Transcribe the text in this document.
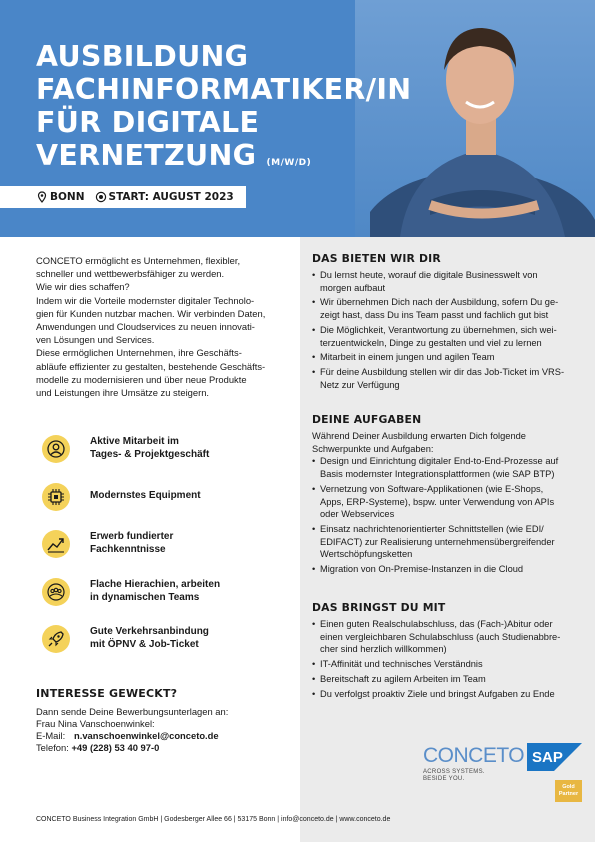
AUSBILDUNG
FACHINFORMATIKER/IN
FÜR DIGITALE
VERNETZUNG (M/W/D)
BONN START: AUGUST 2023

CONCETO ermöglicht es Unternehmen, flexibler,

schneller und wettbewerbsfähiger zu werden.

Wie wir dies schaffen?

Indem wir die Vorteile modernster digitaler Technolo-

gien für Kunden nutzbar machen. Wir verbinden Daten,

Anwendungen und Cloudservices zu neuen innovati-

ven Lösungen und Services.

Diese ermöglichen Unternehmen, ihre Geschäfts-

abläufe effizienter zu gestalten, bestehende Geschäfts-

modelle zu modernisieren und über neue Produkte

und Leistungen ihre Umsätze zu steigern.

Aktive Mitarbeit im
Tages- & Projektgeschäft
Modernstes Equipment
Erwerb fundierter
Fachkenntnisse
Flache Hierachien, arbeiten
in dynamischen Teams
Gute Verkehrsanbindung
mit ÖPNV & Job-Ticket
INTERESSE GEWECKT?
Dann sende Deine Bewerbungsunterlagen an:
Frau Nina Vanschoenwinkel:
E-Mail: n.vanschoenwinkel@conceto.de
Telefon: +49 (228) 53 40 97-0
DAS BIETEN WIR DIR
• Du lernst heute, worauf die digitale Businesswelt von
morgen aufbaut
• Wir übernehmen Dich nach der Ausbildung, sofern Du ge-
zeigt hast, dass Du ins Team passt und fachlich gut bist
• Die Möglichkeit, Verantwortung zu übernehmen, sich wei-
terzuentwickeln, Dinge zu gestalten und viel zu lernen
• Mitarbeit in einem jungen und agilen Team
• Für deine Ausbildung stellen wir dir das Job-Ticket im VRS-
Netz zur Verfügung
DEINE AUFGABEN
Während Deiner Ausbildung erwarten Dich folgende
Schwerpunkte und Aufgaben:
• Design und Einrichtung digitaler End-to-End-Prozesse auf
Basis modernster Integrationsplattformen (wie SAP BTP)
• Vernetzung von Software-Applikationen (wie E-Shops,
Apps, ERP-Systeme), bspw. unter Verwendung von APIs
oder Webservices
• Einsatz nachrichtenorientierter Schnittstellen (wie EDI/
EDIFACT) zur Realisierung unternehmensübergreifender
Wertschöpfungsketten
• Migration von On-Premise-Instanzen in die Cloud
DAS BRINGST DU MIT
• Einen guten Realschulabschluss, das (Fach-)Abitur oder
einen vergleichbaren Schulabschluss (auch Studienabbre-
cher sind herzlich willkommen)
• IT-Affinität und technisches Verständnis
• Bereitschaft zu agilem Arbeiten im Team
• Du verfolgst proaktiv Ziele und bringst Aufgaben zu Ende
CONCETO
ACROSS SYSTEMS.
BESIDE YOU.
SAP
Gold
Partner
CONCETO Business Integration GmbH | Godesberger Allee 66 | 53175 Bonn | info@conceto.de | www.conceto.de
